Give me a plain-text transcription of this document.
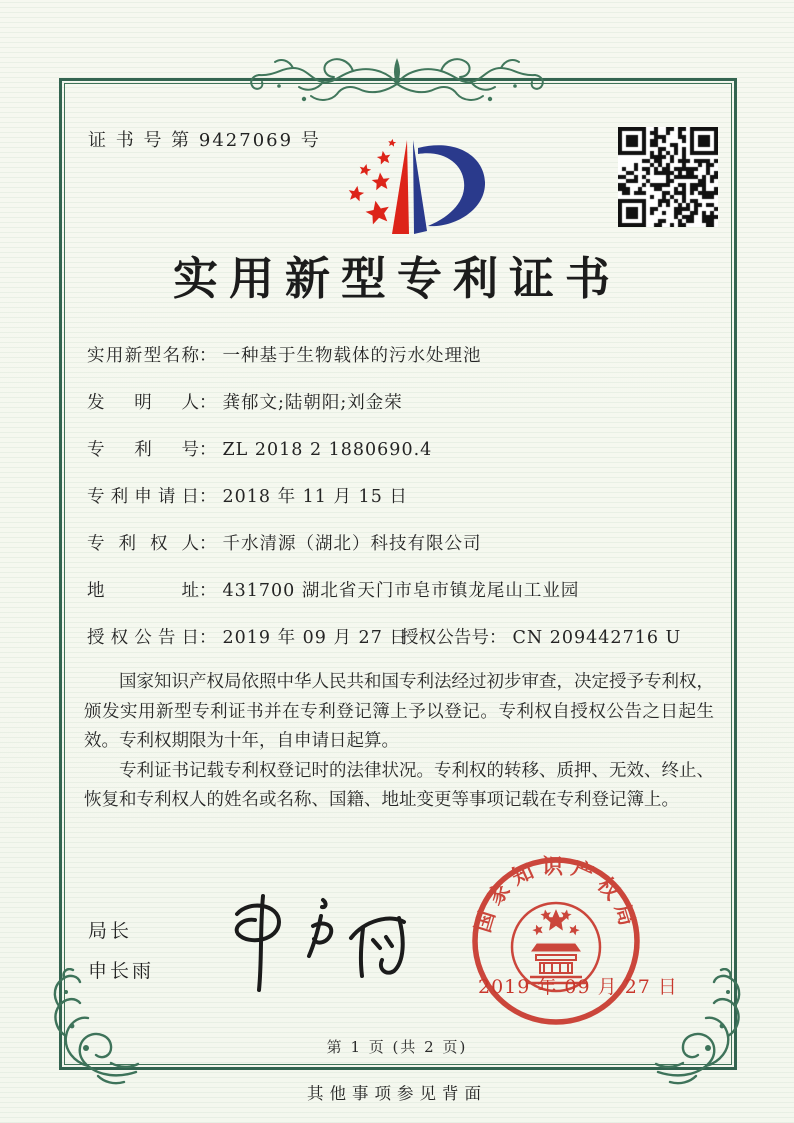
证 书 号 第 9427069 号
实用新型专利证书
实用新型名称： 一种基于生物载体的污水处理池
发明人： 龚郁文;陆朝阳;刘金荣
专利号： ZL 2018 2 1880690.4
专利申请日： 2018 年 11 月 15 日
专利权人： 千水清源（湖北）科技有限公司
地址： 431700 湖北省天门市皂市镇龙尾山工业园
授权公告日： 2019 年 09 月 27 日
授权公告号： CN 209442716 U

国家知识产权局依照中华人民共和国专利法经过初步审查，决定授予专利权，颁发实用新型专利证书并在专利登记簿上予以登记。专利权自授权公告之日起生效。专利权期限为十年，自申请日起算。

专利证书记载专利权登记时的法律状况。专利权的转移、质押、无效、终止、恢复和专利权人的姓名或名称、国籍、地址变更等事项记载在专利登记簿上。

局长
申长雨
国家知识产权局
2019 年 09 月 27 日
第 1 页 (共 2 页)
其他事项参见背面
